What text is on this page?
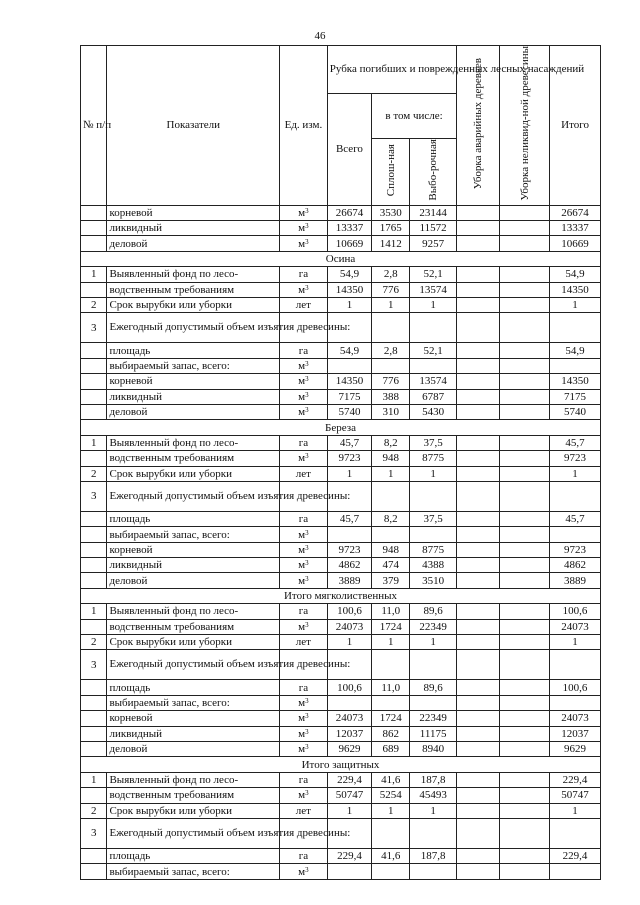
46
№ п/п	Показатели	Ед. изм.	Рубка погибших и поврежденных лесных насаждений			Уборка аварийных деревьев	Уборка неликвид-ной древесины	Итого
			Всего	в том числе:				
				Сплош-ная	Выбо-рочная			
	корневой	$м^3$	26674	3530	23144			26674
	ликвидный	$м^3$	13337	1765	11572			13337
	деловой	$м^3$	10669	1412	9257			10669
Осина								
1	Выявленный фонд по лесо-	га	54,9	2,8	52,1			54,9
	водственным требованиям	$м^3$	14350	776	13574			14350
2	Срок вырубки или уборки	лет	1	1	1			1
3	Ежегодный допустимый объем изъятия древесины:							
	площадь	га	54,9	2,8	52,1			54,9
	выбираемый запас, всего:	$м^3$						
	корневой	$м^3$	14350	776	13574			14350
	ликвидный	$м^3$	7175	388	6787			7175
	деловой	$м^3$	5740	310	5430			5740
Береза								
1	Выявленный фонд по лесо-	га	45,7	8,2	37,5			45,7
	водственным требованиям	$м^3$	9723	948	8775			9723
2	Срок вырубки или уборки	лет	1	1	1			1
3	Ежегодный допустимый объем изъятия древесины:							
	площадь	га	45,7	8,2	37,5			45,7
	выбираемый запас, всего:	$м^3$						
	корневой	$м^3$	9723	948	8775			9723
	ликвидный	$м^3$	4862	474	4388			4862
	деловой	$м^3$	3889	379	3510			3889
Итого мягколиственных								
1	Выявленный фонд по лесо-	га	100,6	11,0	89,6			100,6
	водственным требованиям	$м^3$	24073	1724	22349			24073
2	Срок вырубки или уборки	лет	1	1	1			1
3	Ежегодный допустимый объем изъятия древесины:							
	площадь	га	100,6	11,0	89,6			100,6
	выбираемый запас, всего:	$м^3$						
	корневой	$м^3$	24073	1724	22349			24073
	ликвидный	$м^3$	12037	862	11175			12037
	деловой	$м^3$	9629	689	8940			9629
Итого защитных								
1	Выявленный фонд по лесо-	га	229,4	41,6	187,8			229,4
	водственным требованиям	$м^3$	50747	5254	45493			50747
2	Срок вырубки или уборки	лет	1	1	1			1
3	Ежегодный допустимый объем изъятия древесины:							
	площадь	га	229,4	41,6	187,8			229,4
	выбираемый запас, всего:	$м^3$						
